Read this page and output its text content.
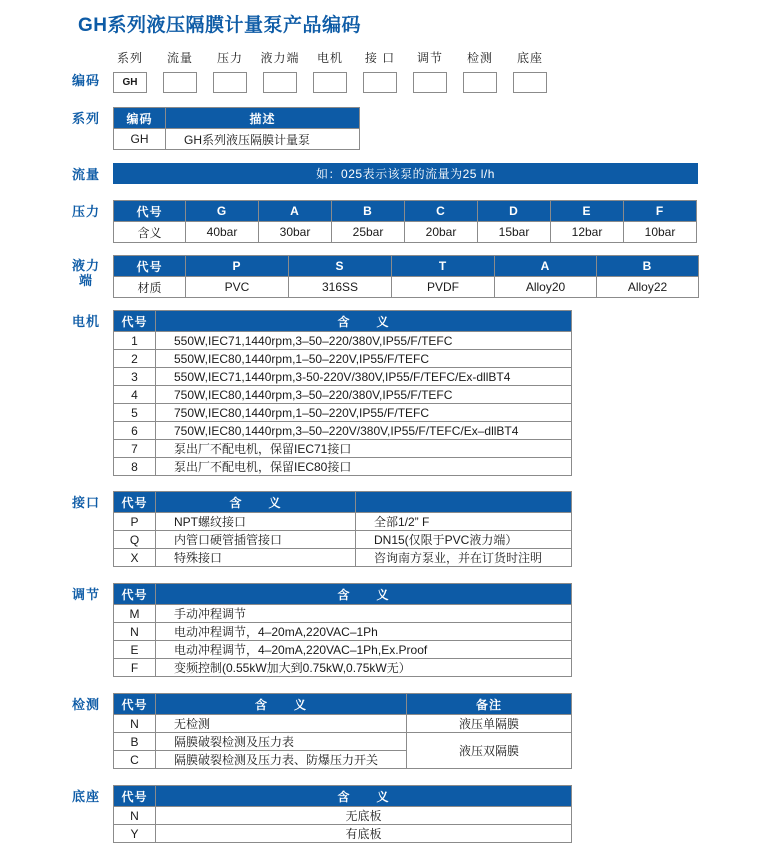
GH系列液压隔膜计量泵产品编码
编码
系列
GH
流量 压力 液力端 电机 接 口 调节 检测 底座
系列	编码	描述
GH	GH系列液压隔膜计量泵
流量	如：025表示该泵的流量为25 l/h
压力	代号	G	A	B	C	D	E	F
含义	40bar	30bar	25bar	20bar	15bar	12bar	10bar
液力端
代号	P	S	T	A	B
材质	PVC	316SS	PVDF	Alloy20	Alloy22
电机	代号	含　　义
1	550W,IEC71,1440rpm,3–50–220/380V,IP55/F/TEFC
2	550W,IEC80,1440rpm,1–50–220V,IP55/F/TEFC
3	550W,IEC71,1440rpm,3-50-220V/380V,IP55/F/TEFC/Ex-dllBT4
4	750W,IEC80,1440rpm,3–50–220/380V,IP55/F/TEFC
5	750W,IEC80,1440rpm,1–50–220V,IP55/F/TEFC
6	750W,IEC80,1440rpm,3–50–220V/380V,IP55/F/TEFC/Ex–dllBT4
7	泵出厂不配电机，保留IEC71接口
8	泵出厂不配电机，保留IEC80接口
接口	代号	含　　义	
P	NPT螺纹接口	全部1/2” F
Q	内管口硬管插管接口	DN15(仅限于PVC液力端）
X	特殊接口	咨询南方泵业，并在订货时注明
调节	代号	含　　义
M	手动冲程调节
N	电动冲程调节，4–20mA,220VAC–1Ph
E	电动冲程调节，4–20mA,220VAC–1Ph,Ex.Proof
F	变频控制(0.55kW加大到0.75kW,0.75kW无）
检测	代号	含　　义	备注
N	无检测	液压单隔膜
B	隔膜破裂检测及压力表	液压双隔膜
C	隔膜破裂检测及压力表、防爆压力开关	
底座	代号	含　　义
N	无底板
Y	有底板
